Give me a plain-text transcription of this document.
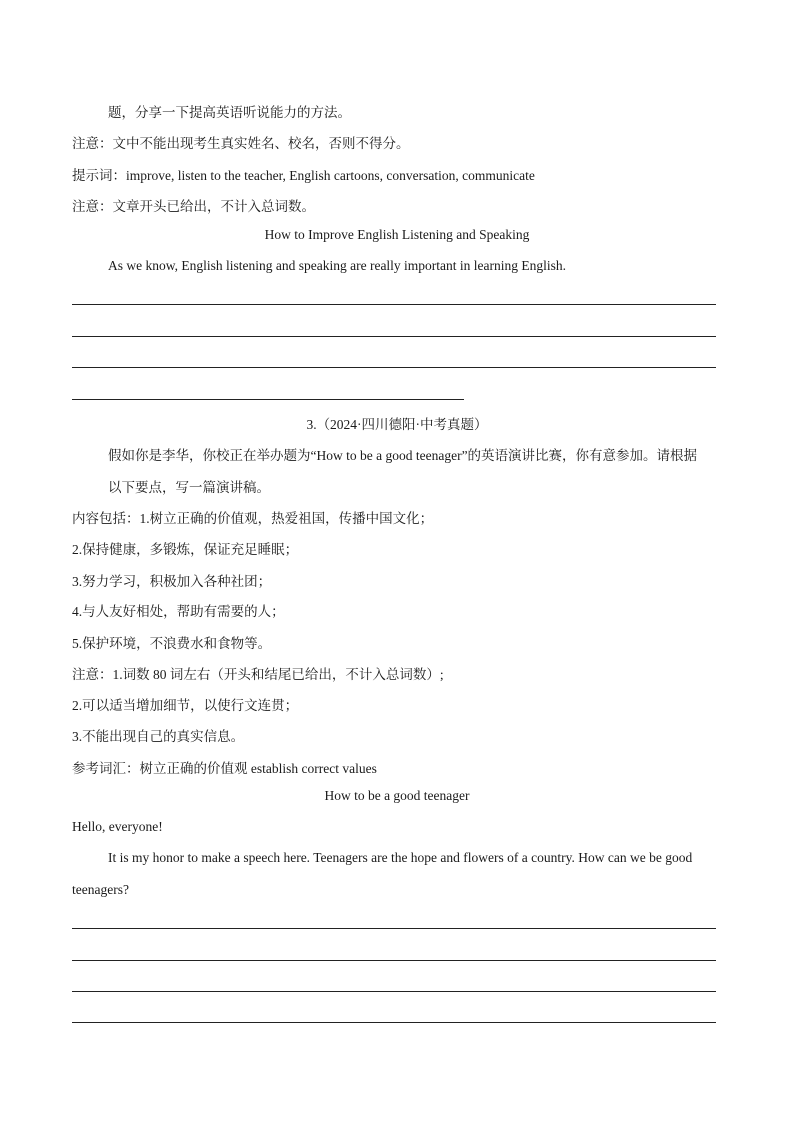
题，分享一下提高英语听说能力的方法。
注意：文中不能出现考生真实姓名、校名，否则不得分。
提示词：improve, listen to the teacher, English cartoons, conversation, communicate
注意：文章开头已给出，不计入总词数。
How to Improve English Listening and Speaking
As we know, English listening and speaking are really important in learning English.
3.（2024·四川德阳·中考真题）
假如你是李华，你校正在举办题为“How to be a good teenager”的英语演讲比赛，你有意参加。请根据
以下要点，写一篇演讲稿。
内容包括：1.树立正确的价值观，热爱祖国，传播中国文化；
2.保持健康，多锻炼，保证充足睡眠；
3.努力学习，积极加入各种社团；
4.与人友好相处，帮助有需要的人；
5.保护环境，不浪费水和食物等。
注意：1.词数 80 词左右（开头和结尾已给出，不计入总词数）;
2.可以适当增加细节，以使行文连贯；
3.不能出现自己的真实信息。
参考词汇：树立正确的价值观 establish correct values
How to be a good teenager
Hello, everyone!
It is my honor to make a speech here. Teenagers are the hope and flowers of a country. How can we be good
teenagers?
